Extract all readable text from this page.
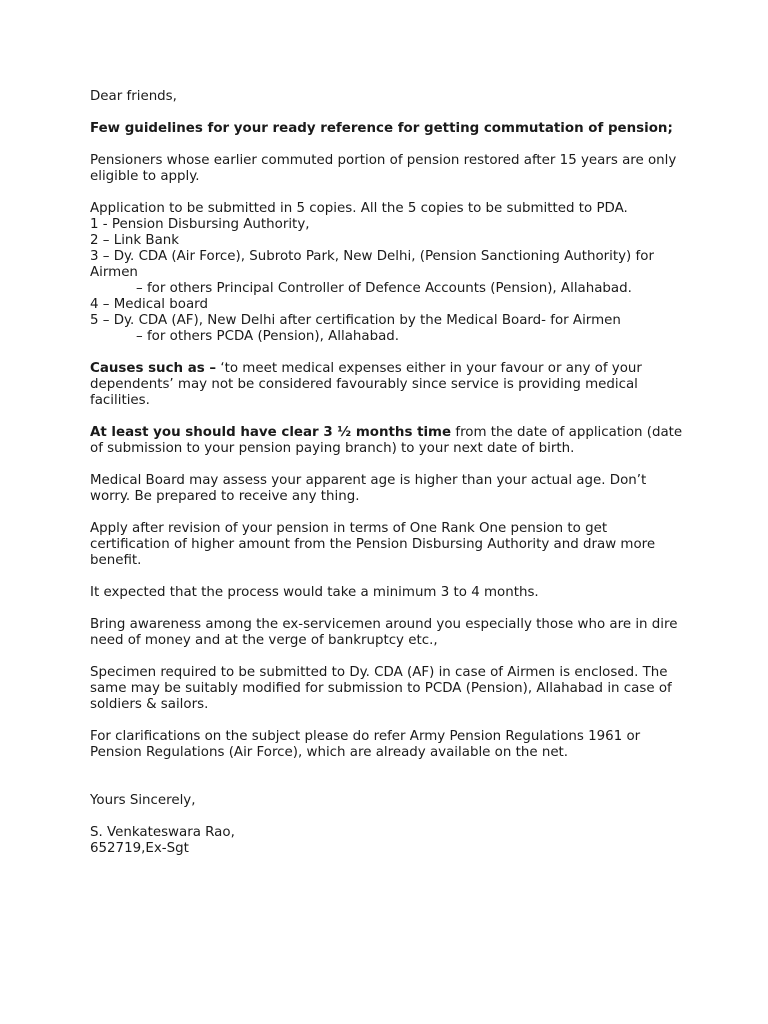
Dear friends,

Few guidelines for your ready reference for getting commutation of pension;

Pensioners whose earlier commuted portion of pension restored after 15 years are only eligible to apply.

Application to be submitted in 5 copies. All the 5 copies to be submitted to PDA.
1 - Pension Disbursing Authority,
2 – Link Bank
3 – Dy. CDA (Air Force), Subroto Park, New Delhi, (Pension Sanctioning Authority) for Airmen
– for others Principal Controller of Defence Accounts (Pension), Allahabad.
4 – Medical board
5 – Dy. CDA (AF), New Delhi after certification by the Medical Board- for Airmen
– for others PCDA (Pension), Allahabad.

Causes such as – ‘to meet medical expenses either in your favour or any of your dependents’ may not be considered favourably since service is providing medical facilities.

At least you should have clear 3 ½ months time from the date of application (date of submission to your pension paying branch) to your next date of birth.

Medical Board may assess your apparent age is higher than your actual age. Don’t worry. Be prepared to receive any thing.

Apply after revision of your pension in terms of One Rank One pension to get certification of higher amount from the Pension Disbursing Authority and draw more benefit.

It expected that the process would take a minimum 3 to 4 months.

Bring awareness among the ex-servicemen around you especially those who are in dire need of money and at the verge of bankruptcy etc.,

Specimen required to be submitted to Dy. CDA (AF) in case of Airmen is enclosed. The same may be suitably modified for submission to PCDA (Pension), Allahabad in case of soldiers & sailors.

For clarifications on the subject please do refer Army Pension Regulations 1961 or Pension Regulations (Air Force), which are already available on the net.

Yours Sincerely,

S. Venkateswara Rao,
652719,Ex-Sgt
